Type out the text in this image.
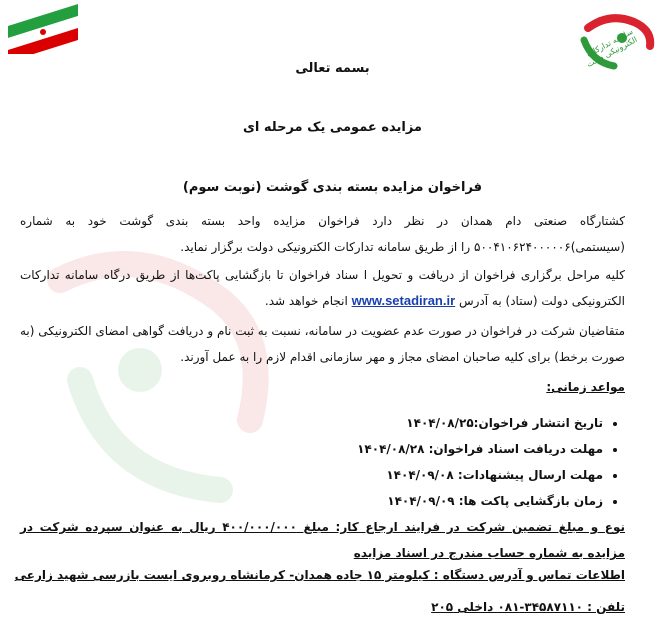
سامانه تدارکات الکترونیکی دولت
بسمه تعالی
مزایده عمومی یک مرحله ای
فراخوان مزایده بسته بندی گوشت (نوبت سوم)
کشتارگاه صنعتی دام همدان در نظر دارد فراخوان مزایده واحد بسته بندی گوشت خود به شماره (سیستمی)۵۰۰۴۱۰۶۲۴۰۰۰۰۰۶ را از طریق سامانه تدارکات الکترونیکی دولت برگزار نماید.
کلیه مراحل برگزاری فراخوان از دریافت و تحویل ا سناد فراخوان تا بازگشایی پاکت‌ها از طریق درگاه سامانه تدارکات الکترونیکی دولت (ستاد) به آدرس www.setadiran.ir انجام خواهد شد.
متقاضیان شرکت در فراخوان در صورت عدم عضویت در سامانه، نسبت به ثبت نام و دریافت گواهی امضای الکترونیکی (به صورت برخط) برای کلیه صاحبان امضای مجاز و مهر سازمانی اقدام لازم را به عمل آورند.
مواعد زمانی:
• تاریخ انتشار فراخوان:۱۴۰۴/۰۸/۲۵
• مهلت دریافت اسناد فراخوان: ۱۴۰۴/۰۸/۲۸
• مهلت ارسال پیشنهادات: ۱۴۰۴/۰۹/۰۸
• زمان بازگشایی پاکت ها: ۱۴۰۴/۰۹/۰۹
نوع و مبلغ تضمین شرکت در فرایند ارجاع کار: مبلغ ۴۰۰/۰۰۰/۰۰۰ ریال به عنوان سپرده شرکت در مزایده به شماره حساب مندرج در اسناد مزایده
اطلاعات تماس و آدرس دستگاه : کیلومتر ۱۵ جاده همدان- کرمانشاه روبروی ایست بازرسی شهید زارعی
تلفن : ۳۴۵۸۷۱۱۰-۰۸۱ داخلی ۲۰۵
